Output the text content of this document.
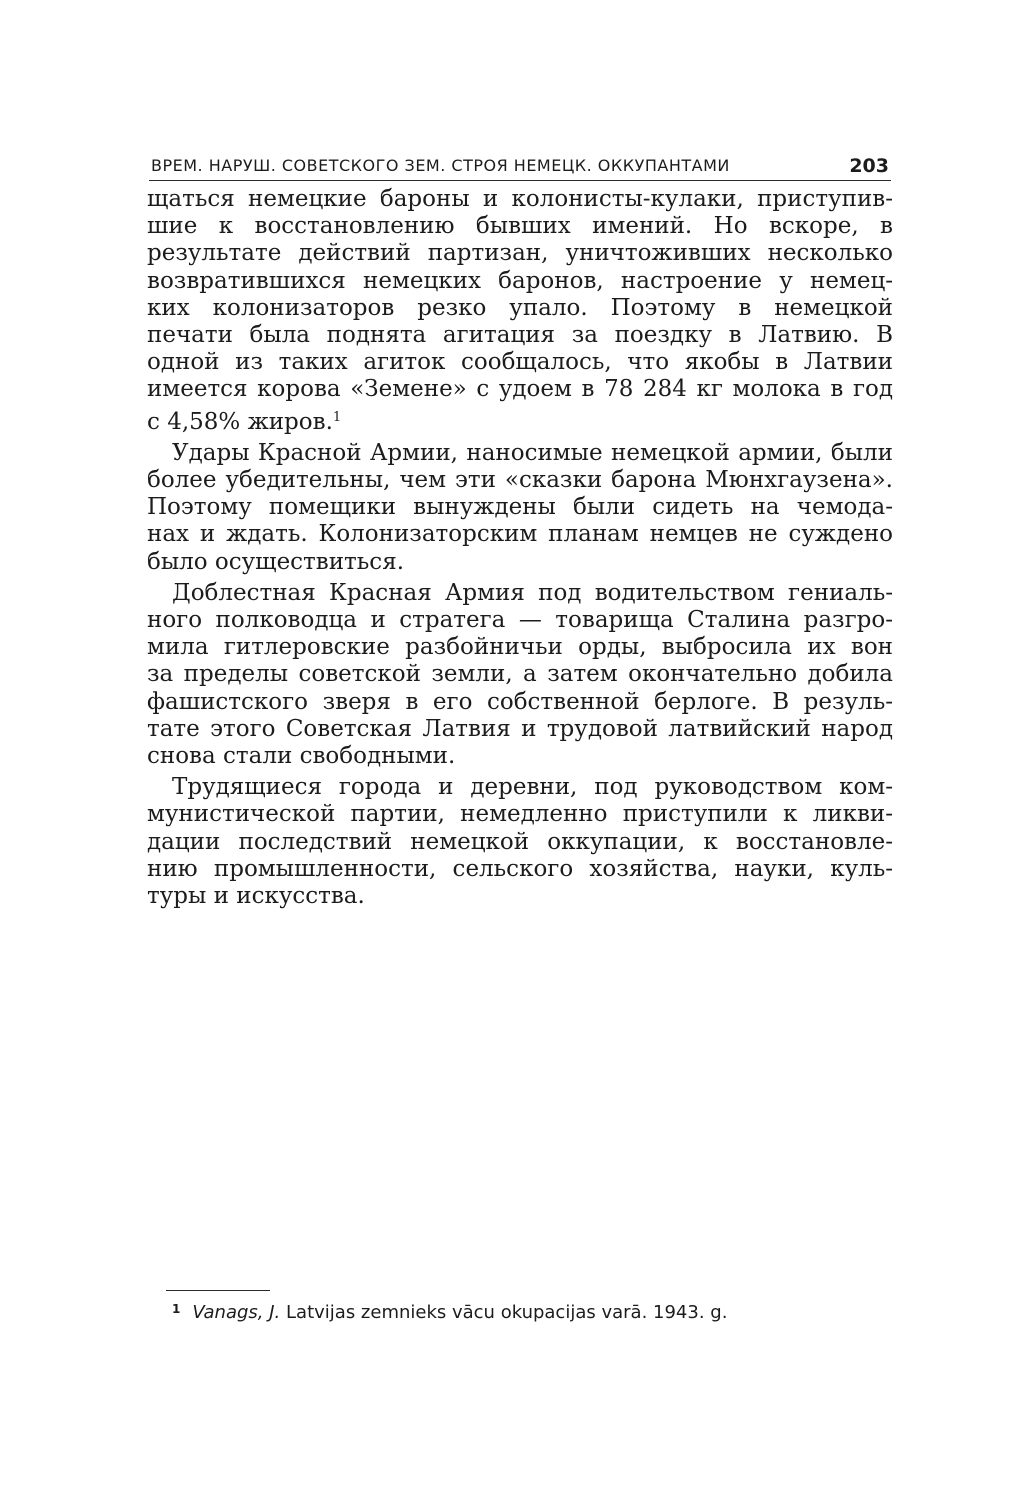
ВРЕМ. НАРУШ. СОВЕТСКОГО ЗЕМ. СТРОЯ НЕМЕЦК. ОККУПАНТАМИ	203
щаться немецкие бароны и колонисты-кулаки, приступив-
шие к восстановлению бывших имений. Но вскоре, в
результате действий партизан, уничтоживших несколько
возвратившихся немецких баронов, настроение у немец-
ких колонизаторов резко упало. Поэтому в немецкой
печати была поднята агитация за поездку в Латвию. В
одной из таких агиток сообщалось, что якобы в Латвии
имеется корова «Земене» с удоем в 78 284 кг молока в год
с 4,58% жиров.$^1$
Удары Красной Армии, наносимые немецкой армии, были
более убедительны, чем эти «сказки барона Мюнхгаузена».
Поэтому помещики вынуждены были сидеть на чемода-
нах и ждать. Колонизаторским планам немцев не суждено
было осуществиться.
Доблестная Красная Армия под водительством гениаль-
ного полководца и стратега — товарища Сталина разгро-
мила гитлеровские разбойничьи орды, выбросила их вон
за пределы советской земли, а затем окончательно добила
фашистского зверя в его собственной берлоге. В резуль-
тате этого Советская Латвия и трудовой латвийский народ
снова стали свободными.
Трудящиеся города и деревни, под руководством ком-
мунистической партии, немедленно приступили к ликви-
дации последствий немецкой оккупации, к восстановле-
нию промышленности, сельского хозяйства, науки, куль-
туры и искусства.
$^1$ Vanags, J. Latvijas zemnieks vācu okupacijas varā. 1943. g.
